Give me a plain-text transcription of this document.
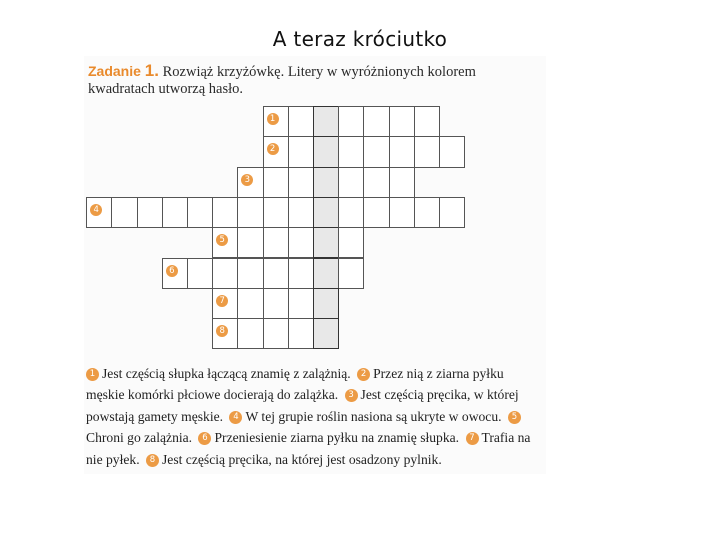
A teraz króciutko
Zadanie 1. Rozwiąż krzyżówkę. Litery w wyróżnionych kolorem kwadratach utworzą hasło.
1
2
3
4
5
6
7
8
1 Jest częścią słupka łączącą znamię z zalążnią. 2 Przez nią z ziarna pyłku męskie komórki płciowe docierają do zalążka. 3 Jest częścią pręcika, w której powstają gamety męskie. 4 W tej grupie roślin nasiona są ukryte w owocu. 5Chroni go zalążnia. 6 Przeniesienie ziarna pyłku na znamię słupka. 7 Trafia na nie pyłek. 8 Jest częścią pręcika, na której jest osadzony pylnik.
